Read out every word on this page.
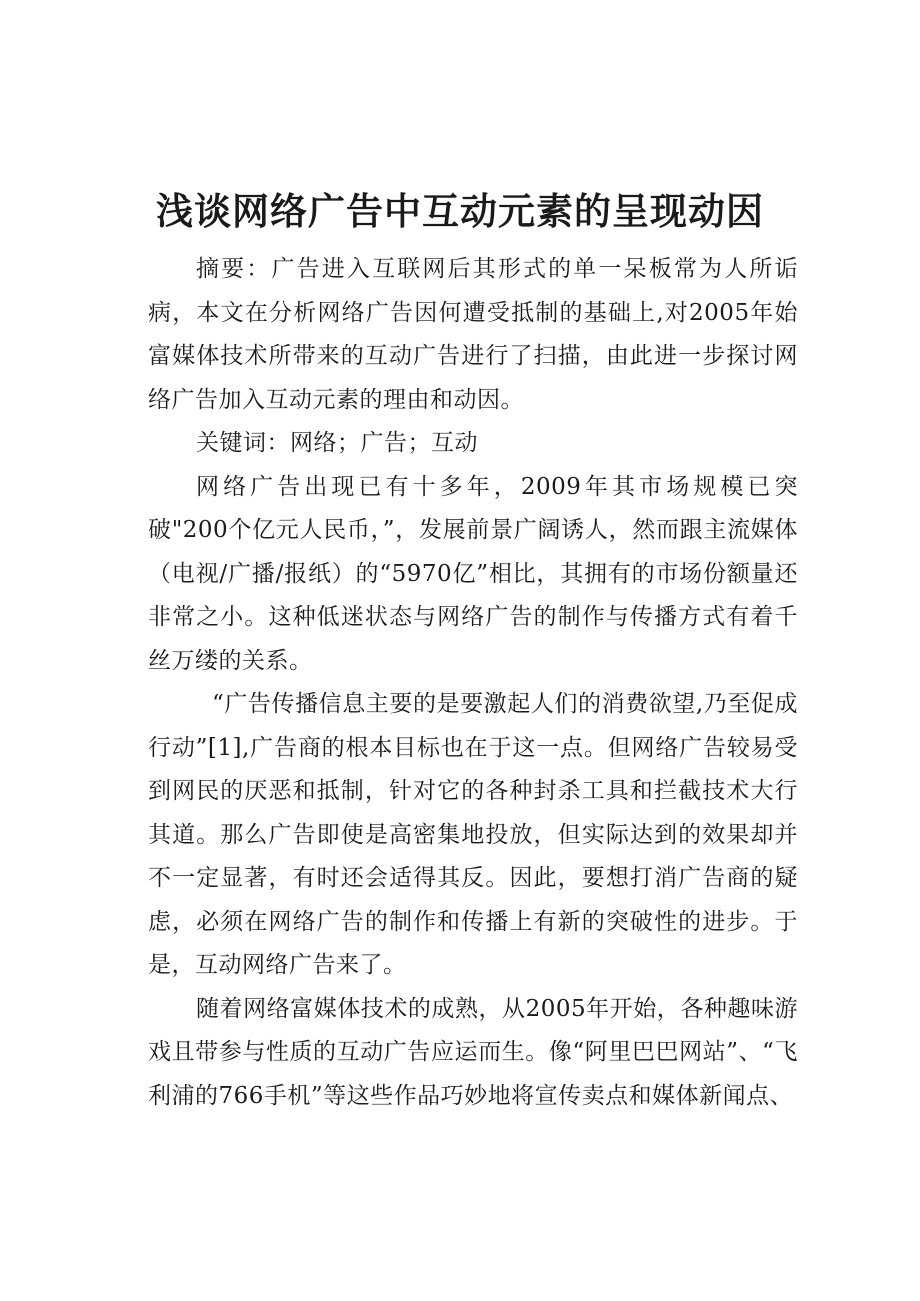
浅谈网络广告中互动元素的呈现动因

摘要：广告进入互联网后其形式的单一呆板常为人所诟病，本文在分析网络广告因何遭受抵制的基础上,对2005年始富媒体技术所带来的互动广告进行了扫描，由此进一步探讨网络广告加入互动元素的理由和动因。

关键词：网络；广告；互动

网络广告出现已有十多年，2009年其市场规模已突破"200个亿元人民币，”，发展前景广阔诱人，然而跟主流媒体（电视/广播/报纸）的“5970亿”相比，其拥有的市场份额量还非常之小。这种低迷状态与网络广告的制作与传播方式有着千丝万缕的关系。

“广告传播信息主要的是要激起人们的消费欲望,乃至促成行动”[1],广告商的根本目标也在于这一点。但网络广告较易受到网民的厌恶和抵制，针对它的各种封杀工具和拦截技术大行其道。那么广告即使是高密集地投放，但实际达到的效果却并不一定显著，有时还会适得其反。因此，要想打消广告商的疑虑，必须在网络广告的制作和传播上有新的突破性的进步。于是，互动网络广告来了。

随着网络富媒体技术的成熟，从2005年开始，各种趣味游戏且带参与性质的互动广告应运而生。像“阿里巴巴网站”、“飞利浦的766手机”等这些作品巧妙地将宣传卖点和媒体新闻点、
